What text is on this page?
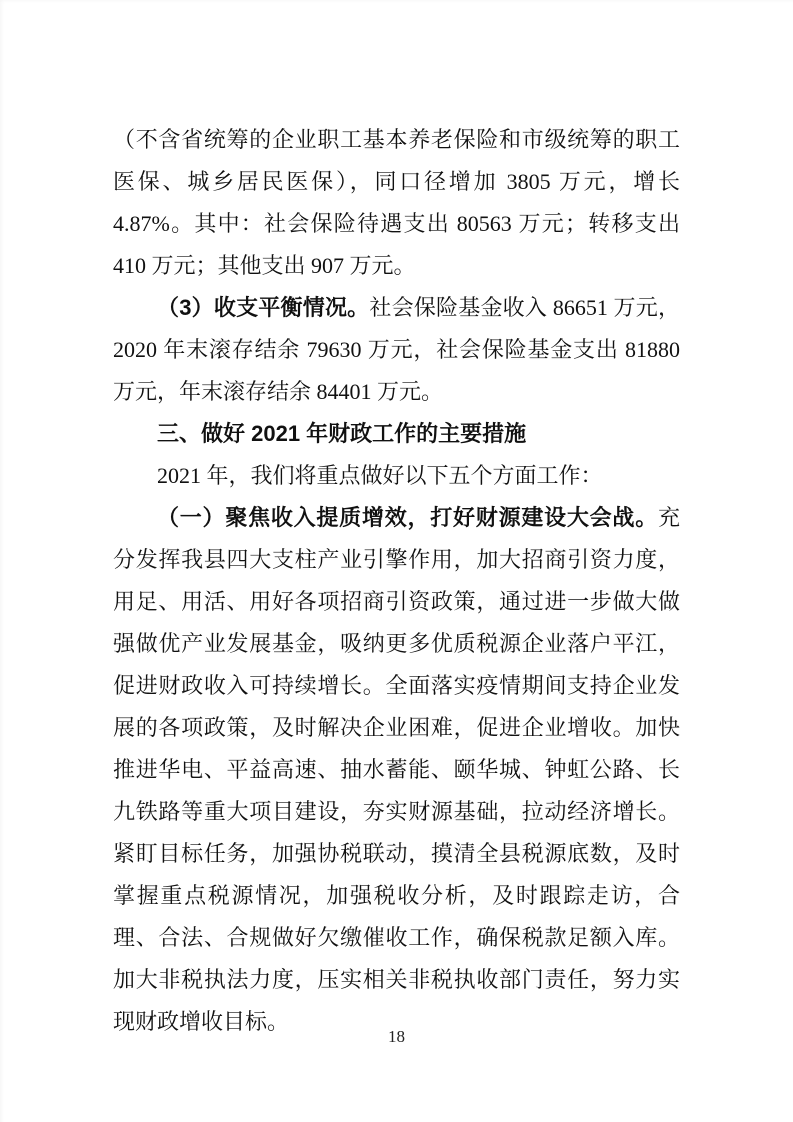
（不含省统筹的企业职工基本养老保险和市级统筹的职工医保、城乡居民医保），同口径增加 3805 万元，增长 4.87%。其中：社会保险待遇支出 80563 万元；转移支出 410 万元；其他支出 907 万元。

（3）收支平衡情况。社会保险基金收入 86651 万元，2020 年末滚存结余 79630 万元，社会保险基金支出 81880 万元，年末滚存结余 84401 万元。

三、做好 2021 年财政工作的主要措施

2021 年，我们将重点做好以下五个方面工作：

（一）聚焦收入提质增效，打好财源建设大会战。充分发挥我县四大支柱产业引擎作用，加大招商引资力度，用足、用活、用好各项招商引资政策，通过进一步做大做强做优产业发展基金，吸纳更多优质税源企业落户平江，促进财政收入可持续增长。全面落实疫情期间支持企业发展的各项政策，及时解决企业困难，促进企业增收。加快推进华电、平益高速、抽水蓄能、颐华城、钟虹公路、长九铁路等重大项目建设，夯实财源基础，拉动经济增长。紧盯目标任务，加强协税联动，摸清全县税源底数，及时掌握重点税源情况，加强税收分析，及时跟踪走访，合理、合法、合规做好欠缴催收工作，确保税款足额入库。加大非税执法力度，压实相关非税执收部门责任，努力实现财政增收目标。

18
